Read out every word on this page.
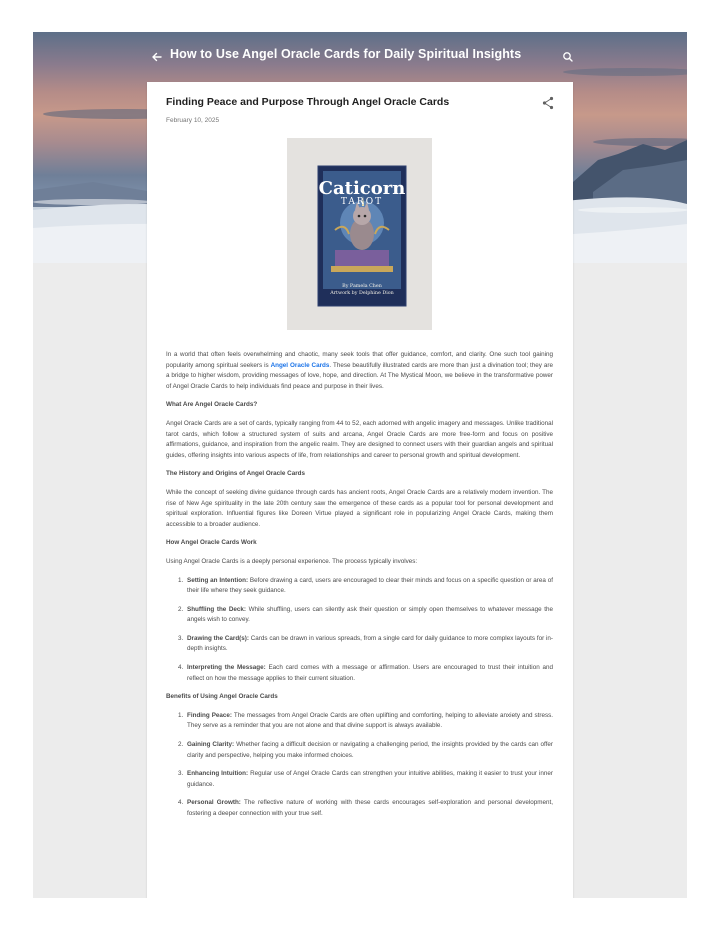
How to Use Angel Oracle Cards for Daily Spiritual Insights
Finding Peace and Purpose Through Angel Oracle Cards
February 10, 2025
Caticorn
TAROT
By Pamela Chen
Artwork by Delphine Dion

In a world that often feels overwhelming and chaotic, many seek tools that offer guidance, comfort, and clarity. One such tool gaining popularity among spiritual seekers is Angel Oracle Cards. These beautifully illustrated cards are more than just a divination tool; they are a bridge to higher wisdom, providing messages of love, hope, and direction. At The Mystical Moon, we believe in the transformative power of Angel Oracle Cards to help individuals find peace and purpose in their lives.

What Are Angel Oracle Cards?

Angel Oracle Cards are a set of cards, typically ranging from 44 to 52, each adorned with angelic imagery and messages. Unlike traditional tarot cards, which follow a structured system of suits and arcana, Angel Oracle Cards are more free-form and focus on positive affirmations, guidance, and inspiration from the angelic realm. They are designed to connect users with their guardian angels and spiritual guides, offering insights into various aspects of life, from relationships and career to personal growth and spiritual development.

The History and Origins of Angel Oracle Cards

While the concept of seeking divine guidance through cards has ancient roots, Angel Oracle Cards are a relatively modern invention. The rise of New Age spirituality in the late 20th century saw the emergence of these cards as a popular tool for personal development and spiritual exploration. Influential figures like Doreen Virtue played a significant role in popularizing Angel Oracle Cards, making them accessible to a broader audience.

How Angel Oracle Cards Work

Using Angel Oracle Cards is a deeply personal experience. The process typically involves:

1. Setting an Intention: Before drawing a card, users are encouraged to clear their minds and focus on a specific question or area of their life where they seek guidance.
2. Shuffling the Deck: While shuffling, users can silently ask their question or simply open themselves to whatever message the angels wish to convey.
3. Drawing the Card(s): Cards can be drawn in various spreads, from a single card for daily guidance to more complex layouts for in-depth insights.
4. Interpreting the Message: Each card comes with a message or affirmation. Users are encouraged to trust their intuition and reflect on how the message applies to their current situation.
Benefits of Using Angel Oracle Cards
1. Finding Peace: The messages from Angel Oracle Cards are often uplifting and comforting, helping to alleviate anxiety and stress. They serve as a reminder that you are not alone and that divine support is always available.
2. Gaining Clarity: Whether facing a difficult decision or navigating a challenging period, the insights provided by the cards can offer clarity and perspective, helping you make informed choices.
3. Enhancing Intuition: Regular use of Angel Oracle Cards can strengthen your intuitive abilities, making it easier to trust your inner guidance.
4. Personal Growth: The reflective nature of working with these cards encourages self-exploration and personal development, fostering a deeper connection with your true self.
